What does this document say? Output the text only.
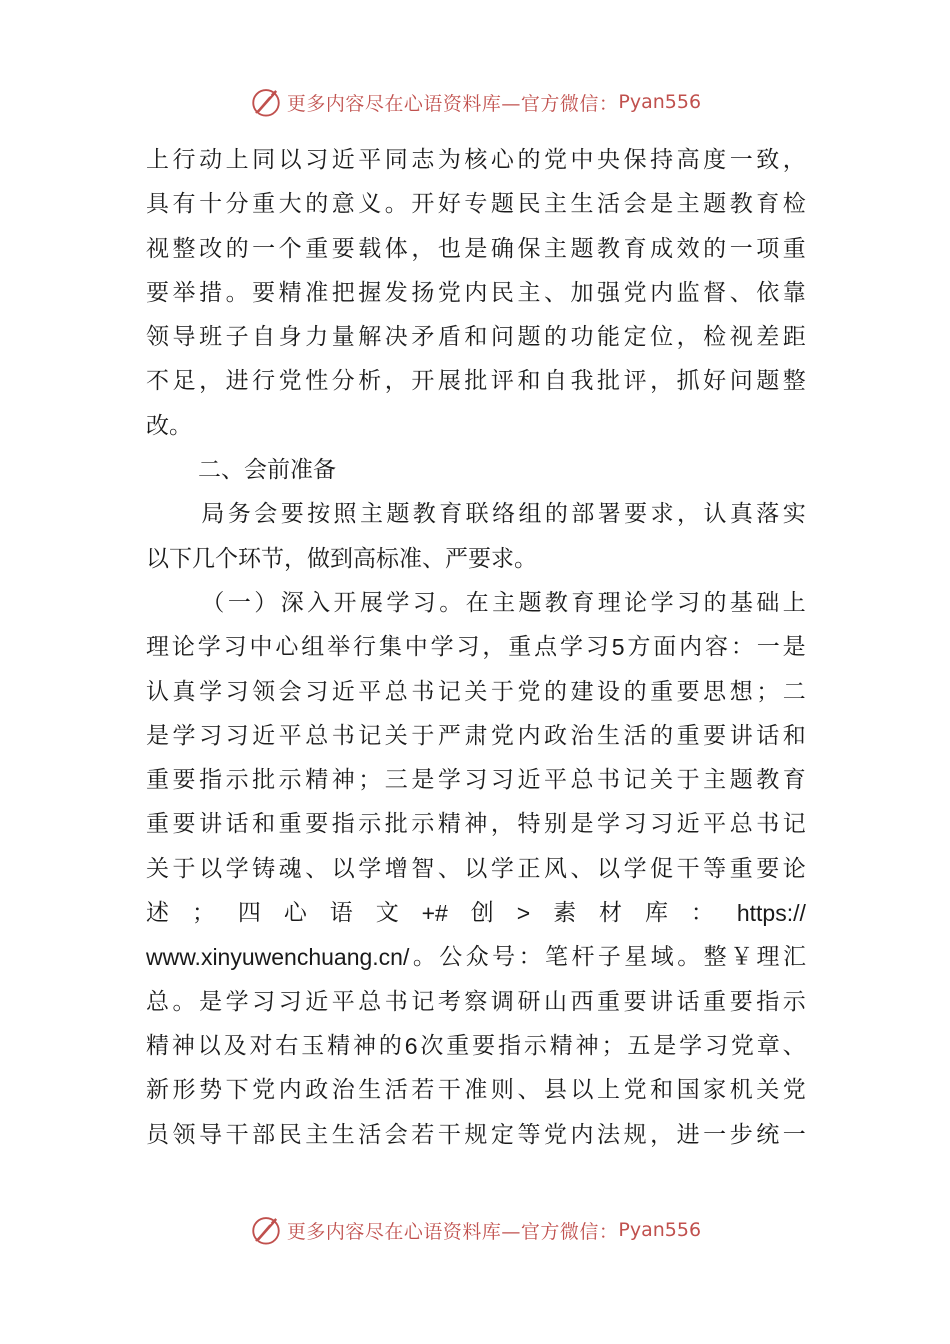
更多内容尽在心语资料库—官方微信： Pyan556
上 行 动 上 同 以 习 近 平 同 志 为 核 心 的 党 中 央 保 持 高 度 一 致 ，
具 有 十 分 重 大 的 意 义 。 开 好 专 题 民 主 生 活 会 是 主 题 教 育 检
视 整 改 的 一 个 重 要 载 体 ， 也 是 确 保 主 题 教 育 成 效 的 一 项 重
要 举 措 。 要 精 准 把 握 发 扬 党 内 民 主 、 加 强 党 内 监 督 、 依 靠
领 导 班 子 自 身 力 量 解 决 矛 盾 和 问 题 的 功 能 定 位 ， 检 视 差 距
不 足 ， 进 行 党 性 分 析 ， 开 展 批 评 和 自 我 批 评 ， 抓 好 问 题 整
改 。
二 、 会 前 准 备
局 务 会 要 按 照 主 题 教 育 联 络 组 的 部 署 要 求 ， 认 真 落 实
以 下 几 个 环 节 ， 做 到 高 标 准 、 严 要 求 。
（ 一 ） 深 入 开 展 学 习 。 在 主 题 教 育 理 论 学 习 的 基 础 上
理 论 学 习 中 心 组 举 行 集 中 学 习 ， 重 点 学 习 5 方 面 内 容 ： 一 是
认 真 学 习 领 会 习 近 平 总 书 记 关 于 党 的 建 设 的 重 要 思 想 ； 二
是 学 习 习 近 平 总 书 记 关 于 严 肃 党 内 政 治 生 活 的 重 要 讲 话 和
重 要 指 示 批 示 精 神 ； 三 是 学 习 习 近 平 总 书 记 关 于 主 题 教 育
重 要 讲 话 和 重 要 指 示 批 示 精 神 ， 特 别 是 学 习 习 近 平 总 书 记
关 于 以 学 铸 魂 、 以 学 增 智 、 以 学 正 风 、 以 学 促 干 等 重 要 论
述 ； 四 心 语 文 +# 创 > 素 材 库 ： https://
www.xinyuwenchuang.cn/ 。 公 众 号 ： 笔 杆 子 星 域 。 整 ￥ 理 汇
总 。 是 学 习 习 近 平 总 书 记 考 察 调 研 山 西 重 要 讲 话 重 要 指 示
精 神 以 及 对 右 玉 精 神 的 6 次 重 要 指 示 精 神 ； 五 是 学 习 党 章 、
新 形 势 下 党 内 政 治 生 活 若 干 准 则 、 县 以 上 党 和 国 家 机 关 党
员 领 导 干 部 民 主 生 活 会 若 干 规 定 等 党 内 法 规 ， 进 一 步 统 一
更多内容尽在心语资料库—官方微信： Pyan556
